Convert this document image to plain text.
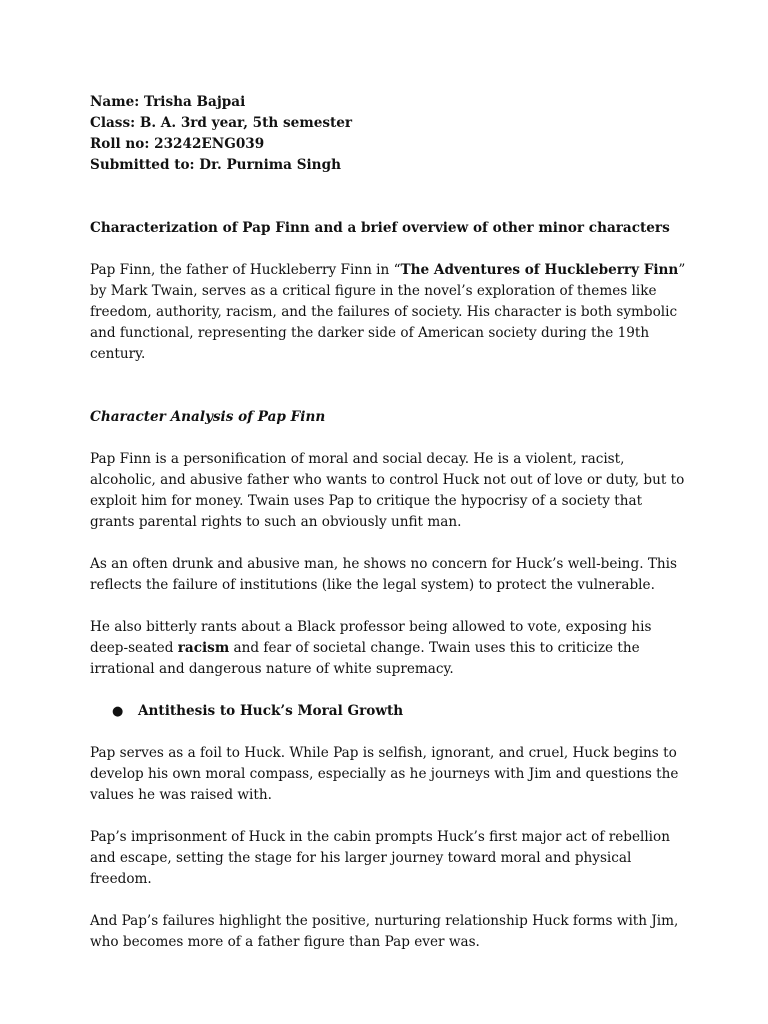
Name: Trisha Bajpai
Class: B. A. 3rd year, 5th semester
Roll no: 23242ENG039
Submitted to: Dr. Purnima Singh
Characterization of Pap Finn and a brief overview of other minor characters
Pap Finn, the father of Huckleberry Finn in “The Adventures of Huckleberry Finn” by Mark Twain, serves as a critical figure in the novel’s exploration of themes like freedom, authority, racism, and the failures of society. His character is both symbolic and functional, representing the darker side of American society during the 19th century.
Character Analysis of Pap Finn
Pap Finn is a personification of moral and social decay. He is a violent, racist, alcoholic, and abusive father who wants to control Huck not out of love or duty, but to exploit him for money. Twain uses Pap to critique the hypocrisy of a society that grants parental rights to such an obviously unfit man.
As an often drunk and abusive man, he shows no concern for Huck’s well-being. This reflects the failure of institutions (like the legal system) to protect the vulnerable.
He also bitterly rants about a Black professor being allowed to vote, exposing his deep-seated racism and fear of societal change. Twain uses this to criticize the irrational and dangerous nature of white supremacy.
●	Antithesis to Huck’s Moral Growth
Pap serves as a foil to Huck. While Pap is selfish, ignorant, and cruel, Huck begins to develop his own moral compass, especially as he journeys with Jim and questions the values he was raised with.
Pap’s imprisonment of Huck in the cabin prompts Huck’s first major act of rebellion and escape, setting the stage for his larger journey toward moral and physical freedom.
And Pap’s failures highlight the positive, nurturing relationship Huck forms with Jim, who becomes more of a father figure than Pap ever was.
